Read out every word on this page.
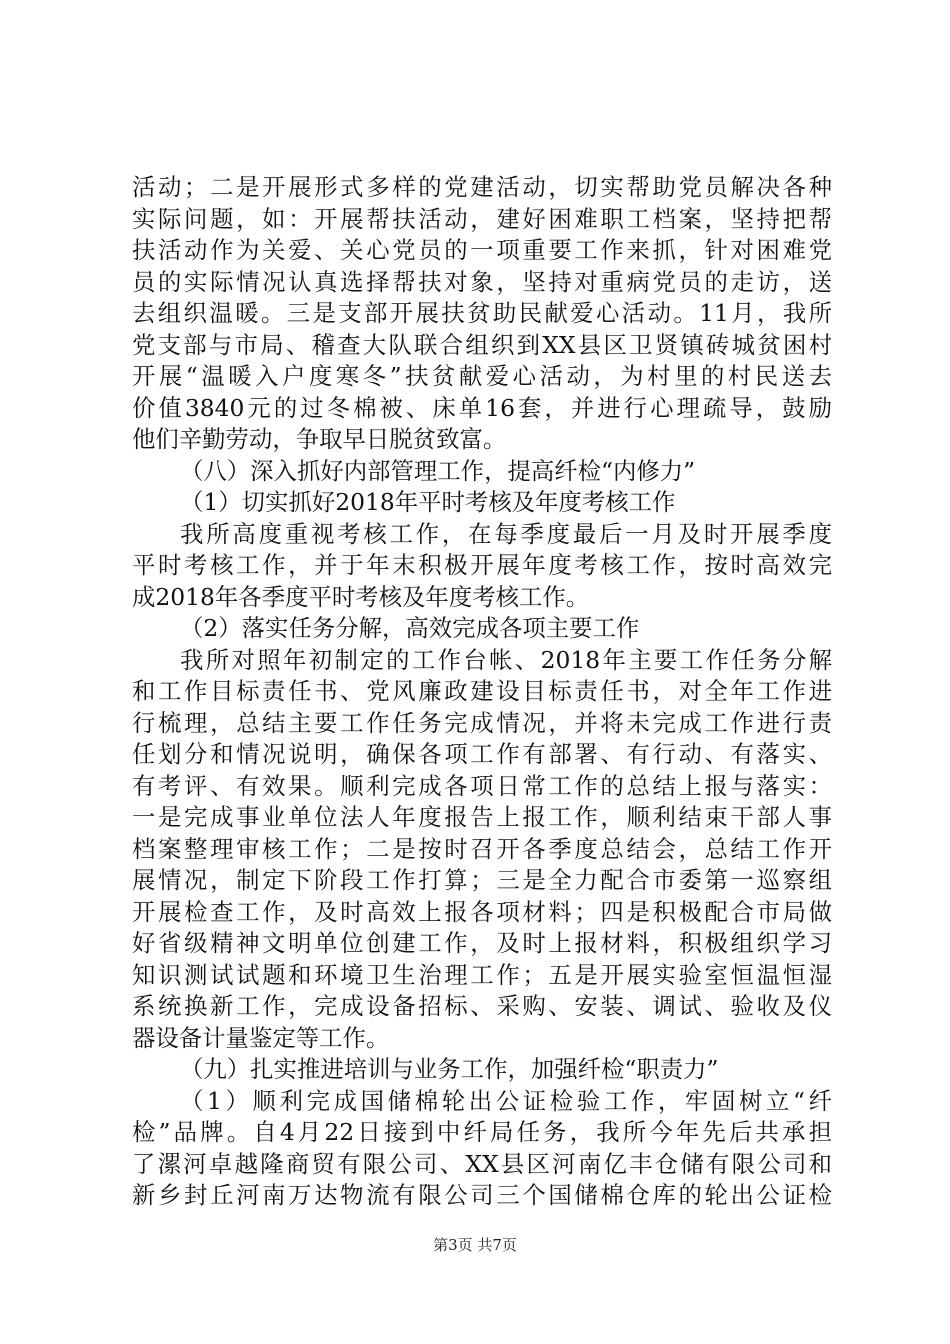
活动；二是开展形式多样的党建活动，切实帮助党员解决各种
实际问题，如：开展帮扶活动，建好困难职工档案，坚持把帮
扶活动作为关爱、关心党员的一项重要工作来抓，针对困难党
员的实际情况认真选择帮扶对象，坚持对重病党员的走访，送
去组织温暖。三是支部开展扶贫助民献爱心活动。11月，我所
党支部与市局、稽查大队联合组织到XX县区卫贤镇砖城贫困村
开展“温暖入户度寒冬”扶贫献爱心活动，为村里的村民送去
价值3840元的过冬棉被、床单16套，并进行心理疏导，鼓励
他们辛勤劳动，争取早日脱贫致富。
（八）深入抓好内部管理工作，提高纤检“内修力”
（1）切实抓好2018年平时考核及年度考核工作
我所高度重视考核工作，在每季度最后一月及时开展季度
平时考核工作，并于年末积极开展年度考核工作，按时高效完
成2018年各季度平时考核及年度考核工作。
（2）落实任务分解，高效完成各项主要工作
我所对照年初制定的工作台帐、2018年主要工作任务分解
和工作目标责任书、党风廉政建设目标责任书，对全年工作进
行梳理，总结主要工作任务完成情况，并将未完成工作进行责
任划分和情况说明，确保各项工作有部署、有行动、有落实、
有考评、有效果。顺利完成各项日常工作的总结上报与落实：
一是完成事业单位法人年度报告上报工作，顺利结束干部人事
档案整理审核工作；二是按时召开各季度总结会，总结工作开
展情况，制定下阶段工作打算；三是全力配合市委第一巡察组
开展检查工作，及时高效上报各项材料；四是积极配合市局做
好省级精神文明单位创建工作，及时上报材料，积极组织学习
知识测试试题和环境卫生治理工作；五是开展实验室恒温恒湿
系统换新工作，完成设备招标、采购、安装、调试、验收及仪
器设备计量鉴定等工作。
（九）扎实推进培训与业务工作，加强纤检“职责力”
（1）顺利完成国储棉轮出公证检验工作，牢固树立“纤
检”品牌。自4月22日接到中纤局任务，我所今年先后共承担
了漯河卓越隆商贸有限公司、XX县区河南亿丰仓储有限公司和
新乡封丘河南万达物流有限公司三个国储棉仓库的轮出公证检
第3页 共7页
